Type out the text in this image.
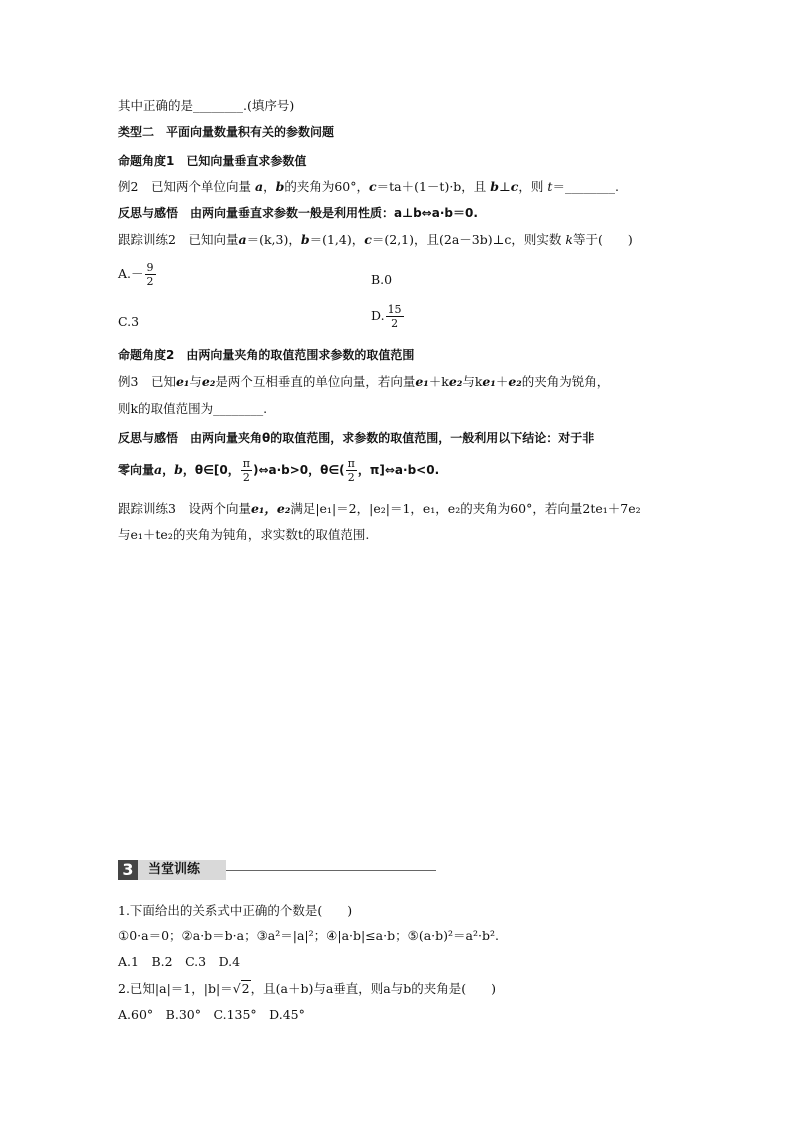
其中正确的是________.(填序号)
类型二　平面向量数量积有关的参数问题
命题角度1　已知向量垂直求参数值
例2　已知两个单位向量 a，b的夹角为60°，c＝ta＋(1－t)·b，且 b⊥c，则 t＝________.
反思与感悟　由两向量垂直求参数一般是利用性质：a⊥b⇔a·b＝0.
跟踪训练2　已知向量a＝(k,3)，b＝(1,4)，c＝(2,1)，且(2a－3b)⊥c，则实数 k等于(　　)
$A.- \frac{9}{2}$	B.0
C.3	D. $\frac{15}{2}$
命题角度2　由两向量夹角的取值范围求参数的取值范围
例3　已知e₁与e₂是两个互相垂直的单位向量，若向量e₁＋ke₂与ke₁＋e₂的夹角为锐角，
则k的取值范围为________.
反思与感悟　由两向量夹角θ的取值范围，求参数的取值范围，一般利用以下结论：对于非
零向量a，b，θ∈[0， $\frac{\pi}{2}$ )⇔a·b>0，θ∈( $\frac{\pi}{2}$ ，π]⇔a·b<0.
跟踪训练3　设两个向量e₁，e₂满足|e₁|＝2，|e₂|＝1，e₁，e₂的夹角为60°，若向量2te₁＋7e₂
与e₁＋te₂的夹角为钝角，求实数t的取值范围.
3	当堂训练
1.下面给出的关系式中正确的个数是(　　)
①0·a＝0；②a·b＝b·a；③a²＝|a|²；④|a·b|≤a·b；⑤(a·b)²＝a²·b².
A.1　B.2　C.3　D.4
2.已知|a|＝1，|b|＝√2，且(a＋b)与a垂直，则a与b的夹角是(　　)
A.60°　B.30°　C.135°　D.45°
